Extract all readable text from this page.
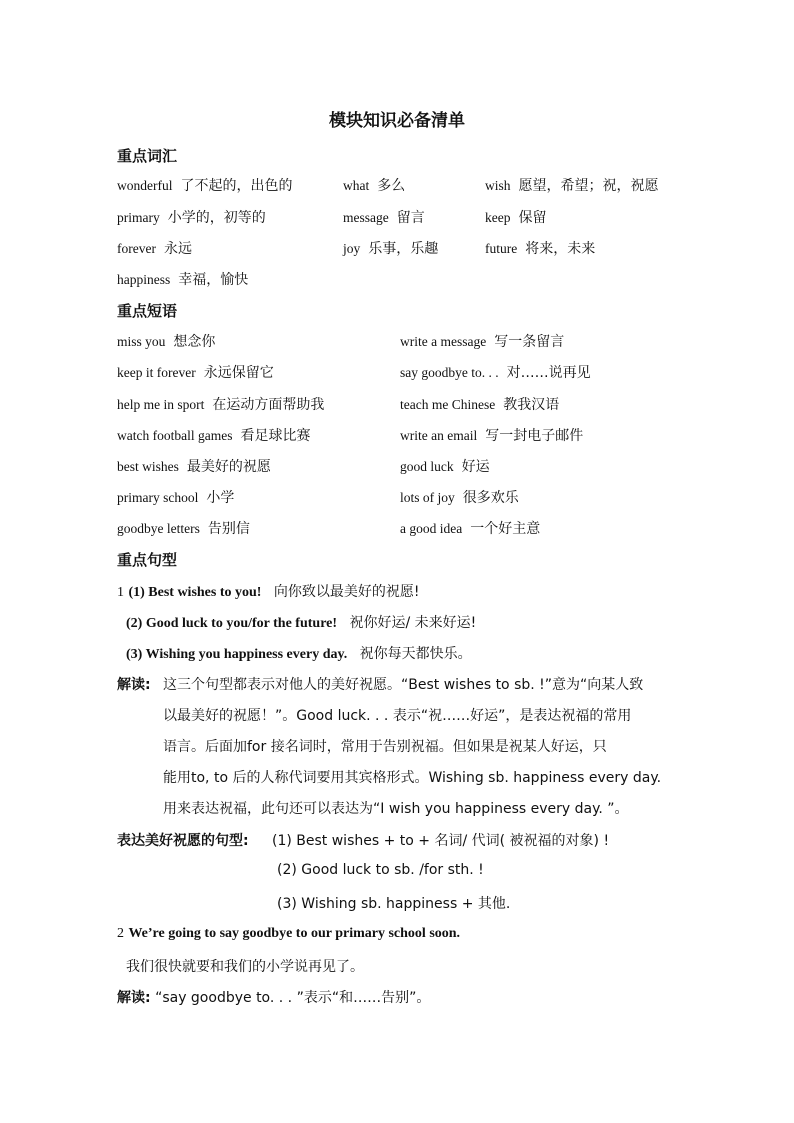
模块知识必备清单
重点词汇
wonderful 了不起的，出色的	what 多么	wish 愿望，希望；祝，祝愿
primary 小学的，初等的	message 留言	keep 保留
forever 永远	joy 乐事，乐趣	future 将来，未来
happiness 幸福，愉快
重点短语
miss you 想念你	write a message 写一条留言
keep it forever 永远保留它	say goodbye to. . . 对……说再见
help me in sport 在运动方面帮助我	teach me Chinese 教我汉语
watch football games 看足球比赛	write an email 写一封电子邮件
best wishes 最美好的祝愿	good luck 好运
primary school 小学	lots of joy 很多欢乐
goodbye letters 告别信	a good idea 一个好主意
重点句型
1 (1) Best wishes to you! 向你致以最美好的祝愿!
(2) Good luck to you/for the future! 祝你好运/ 未来好运!
(3) Wishing you happiness every day. 祝你每天都快乐。
解读: 这三个句型都表示对他人的美好祝愿。“Best wishes to sb. !”意为“向某人致
以最美好的祝愿！”。Good luck. . . 表示“祝……好运”，是表达祝福的常用
语言。后面加for 接名词时，常用于告别祝福。但如果是祝某人好运，只
能用to, to 后的人称代词要用其宾格形式。Wishing sb. happiness every day.
用来表达祝福，此句还可以表达为“I wish you happiness every day. ”。
表达美好祝愿的句型: (1) Best wishes + to + 名词/ 代词( 被祝福的对象) !
(2) Good luck to sb. /for sth. !
(3) Wishing sb. happiness + 其他.
2 We’re going to say goodbye to our primary school soon.
我们很快就要和我们的小学说再见了。
解读: “say goodbye to. . . ”表示“和……告别”。
